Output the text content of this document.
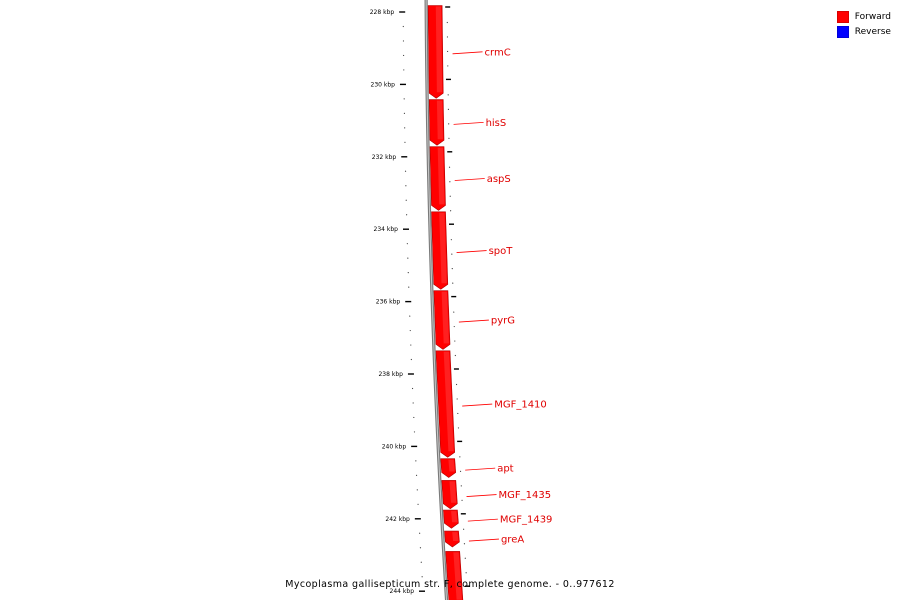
228 kbp
230 kbp
232 kbp
234 kbp
236 kbp
238 kbp
240 kbp
242 kbp
244 kbp
crmC
hisS
aspS
spoT
pyrG
MGF_1410
apt
MGF_1435
MGF_1439
greA
Mycoplasma gallisepticum str. F, complete genome. - 0..977612
Forward
Reverse
